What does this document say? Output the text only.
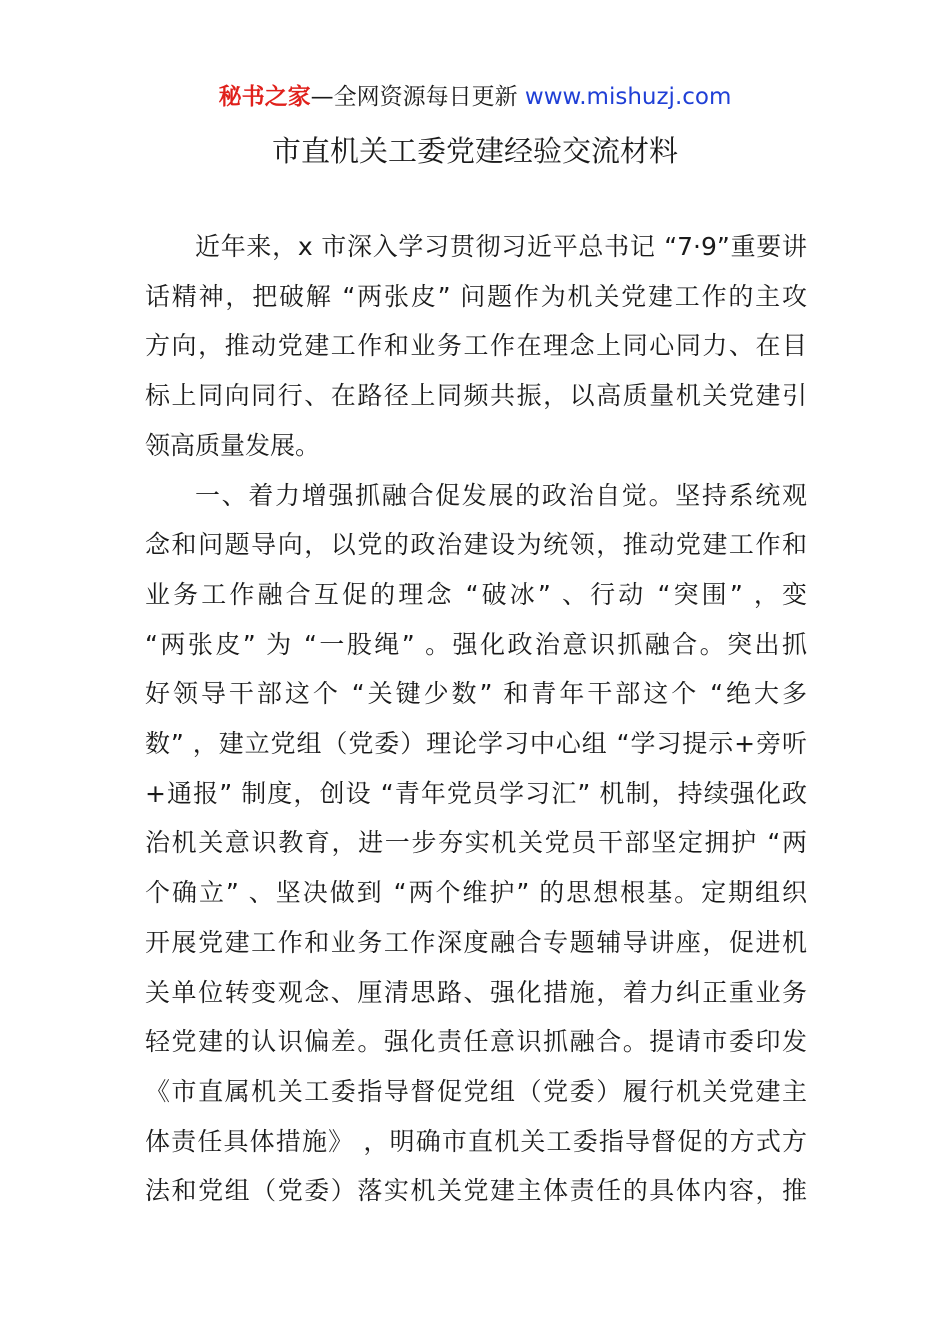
秘书之家—全网资源每日更新 www.mishuzj.com
市直机关工委党建经验交流材料

近年来，x 市深入学习贯彻习近平总书记 “7·9”重要讲
话精神，把破解 “两张皮” 问题作为机关党建工作的主攻
方向，推动党建工作和业务工作在理念上同心同力、在目
标上同向同行、在路径上同频共振，以高质量机关党建引
领高质量发展。

一、着力增强抓融合促发展的政治自觉。坚持系统观
念和问题导向，以党的政治建设为统领，推动党建工作和
业务工作融合互促的理念 “破冰” 、行动 “突围” ，变
“两张皮” 为 “一股绳” 。强化政治意识抓融合。突出抓
好领导干部这个 “关键少数” 和青年干部这个 “绝大多
数” ，建立党组（党委）理论学习中心组 “学习提示+旁听
+通报” 制度，创设 “青年党员学习汇” 机制，持续强化政
治机关意识教育，进一步夯实机关党员干部坚定拥护 “两
个确立” 、坚决做到 “两个维护” 的思想根基。定期组织
开展党建工作和业务工作深度融合专题辅导讲座，促进机
关单位转变观念、厘清思路、强化措施，着力纠正重业务
轻党建的认识偏差。强化责任意识抓融合。提请市委印发
《市直属机关工委指导督促党组（党委）履行机关党建主
体责任具体措施》 ，明确市直机关工委指导督促的方式方
法和党组（党委）落实机关党建主体责任的具体内容，推
